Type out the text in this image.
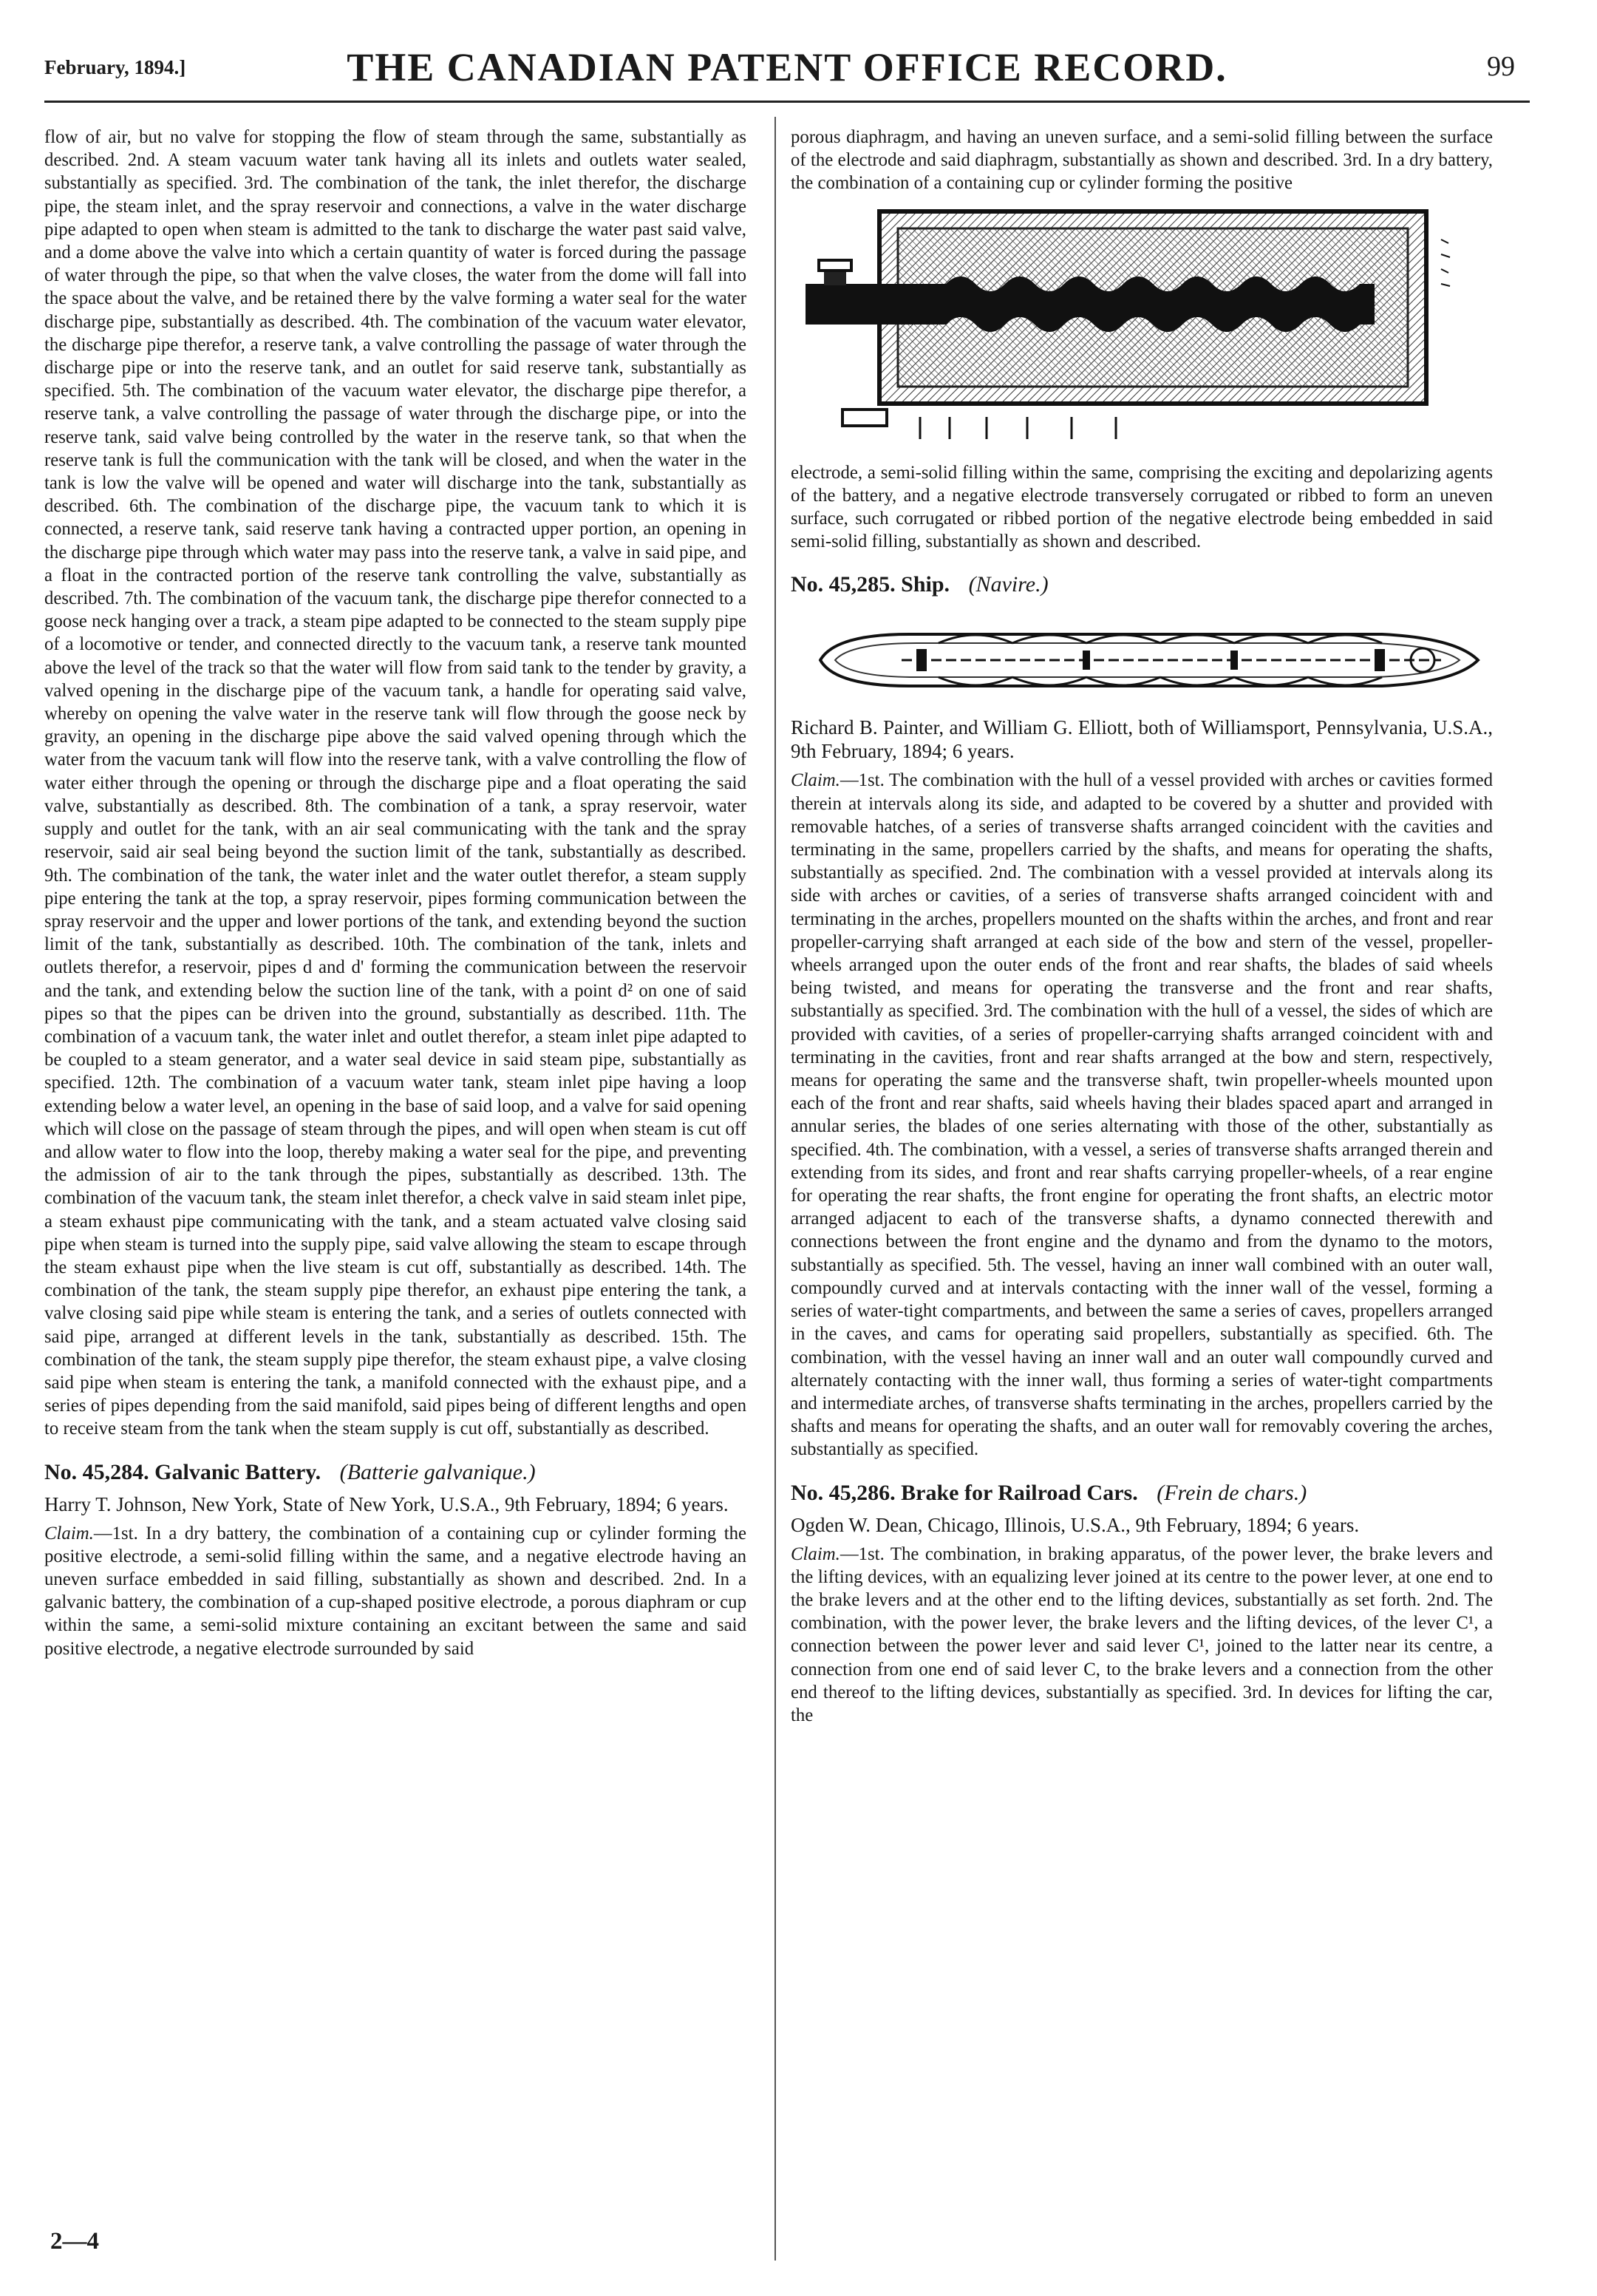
February, 1894.]	THE CANADIAN PATENT OFFICE RECORD.	99

flow of air, but no valve for stopping the flow of steam through the same, substantially as described. 2nd. A steam vacuum water tank having all its inlets and outlets water sealed, substantially as specified. 3rd. The combination of the tank, the inlet therefor, the discharge pipe, the steam inlet, and the spray reservoir and connections, a valve in the water discharge pipe adapted to open when steam is admitted to the tank to discharge the water past said valve, and a dome above the valve into which a certain quantity of water is forced during the passage of water through the pipe, so that when the valve closes, the water from the dome will fall into the space about the valve, and be retained there by the valve forming a water seal for the water discharge pipe, substantially as described. 4th. The combination of the vacuum water elevator, the discharge pipe therefor, a reserve tank, a valve controlling the passage of water through the discharge pipe or into the reserve tank, and an outlet for said reserve tank, substantially as specified. 5th. The combination of the vacuum water elevator, the discharge pipe therefor, a reserve tank, a valve controlling the passage of water through the discharge pipe, or into the reserve tank, said valve being controlled by the water in the reserve tank, so that when the reserve tank is full the communication with the tank will be closed, and when the water in the tank is low the valve will be opened and water will discharge into the tank, substantially as described. 6th. The combination of the discharge pipe, the vacuum tank to which it is connected, a reserve tank, said reserve tank having a contracted upper portion, an opening in the discharge pipe through which water may pass into the reserve tank, a valve in said pipe, and a float in the contracted portion of the reserve tank controlling the valve, substantially as described. 7th. The combination of the vacuum tank, the discharge pipe therefor connected to a goose neck hanging over a track, a steam pipe adapted to be connected to the steam supply pipe of a locomotive or tender, and connected directly to the vacuum tank, a reserve tank mounted above the level of the track so that the water will flow from said tank to the tender by gravity, a valved opening in the discharge pipe of the vacuum tank, a handle for operating said valve, whereby on opening the valve water in the reserve tank will flow through the goose neck by gravity, an opening in the discharge pipe above the said valved opening through which the water from the vacuum tank will flow into the reserve tank, with a valve controlling the flow of water either through the opening or through the discharge pipe and a float operating the said valve, substantially as described. 8th. The combination of a tank, a spray reservoir, water supply and outlet for the tank, with an air seal communicating with the tank and the spray reservoir, said air seal being beyond the suction limit of the tank, substantially as described. 9th. The combination of the tank, the water inlet and the water outlet therefor, a steam supply pipe entering the tank at the top, a spray reservoir, pipes forming communication between the spray reservoir and the upper and lower portions of the tank, and extending beyond the suction limit of the tank, substantially as described. 10th. The combination of the tank, inlets and outlets therefor, a reservoir, pipes d and d' forming the communication between the reservoir and the tank, and extending below the suction line of the tank, with a point d² on one of said pipes so that the pipes can be driven into the ground, substantially as described. 11th. The combination of a vacuum tank, the water inlet and outlet therefor, a steam inlet pipe adapted to be coupled to a steam generator, and a water seal device in said steam pipe, substantially as specified. 12th. The combination of a vacuum water tank, steam inlet pipe having a loop extending below a water level, an opening in the base of said loop, and a valve for said opening which will close on the passage of steam through the pipes, and will open when steam is cut off and allow water to flow into the loop, thereby making a water seal for the pipe, and preventing the admission of air to the tank through the pipes, substantially as described. 13th. The combination of the vacuum tank, the steam inlet therefor, a check valve in said steam inlet pipe, a steam exhaust pipe communicating with the tank, and a steam actuated valve closing said pipe when steam is turned into the supply pipe, said valve allowing the steam to escape through the steam exhaust pipe when the live steam is cut off, substantially as described. 14th. The combination of the tank, the steam supply pipe therefor, an exhaust pipe entering the tank, a valve closing said pipe while steam is entering the tank, and a series of outlets connected with said pipe, arranged at different levels in the tank, substantially as described. 15th. The combination of the tank, the steam supply pipe therefor, the steam exhaust pipe, a valve closing said pipe when steam is entering the tank, a manifold connected with the exhaust pipe, and a series of pipes depending from the said manifold, said pipes being of different lengths and open to receive steam from the tank when the steam supply is cut off, substantially as described.

No. 45,284. Galvanic Battery. (Batterie galvanique.)

Harry T. Johnson, New York, State of New York, U.S.A., 9th February, 1894; 6 years.

Claim.—1st. In a dry battery, the combination of a containing cup or cylinder forming the positive electrode, a semi-solid filling within the same, and a negative electrode having an uneven surface embedded in said filling, substantially as shown and described. 2nd. In a galvanic battery, the combination of a cup-shaped positive electrode, a porous diaphram or cup within the same, a semi-solid mixture containing an excitant between the same and said positive electrode, a negative electrode surrounded by said

2—4

porous diaphragm, and having an uneven surface, and a semi-solid filling between the surface of the electrode and said diaphragm, substantially as shown and described. 3rd. In a dry battery, the combination of a containing cup or cylinder forming the positive

electrode, a semi-solid filling within the same, comprising the exciting and depolarizing agents of the battery, and a negative electrode transversely corrugated or ribbed to form an uneven surface, such corrugated or ribbed portion of the negative electrode being embedded in said semi-solid filling, substantially as shown and described.

No. 45,285. Ship. (Navire.)

Richard B. Painter, and William G. Elliott, both of Williamsport, Pennsylvania, U.S.A., 9th February, 1894; 6 years.

Claim.—1st. The combination with the hull of a vessel provided with arches or cavities formed therein at intervals along its side, and adapted to be covered by a shutter and provided with removable hatches, of a series of transverse shafts arranged coincident with the cavities and terminating in the same, propellers carried by the shafts, and means for operating the shafts, substantially as specified. 2nd. The combination with a vessel provided at intervals along its side with arches or cavities, of a series of transverse shafts arranged coincident with and terminating in the arches, propellers mounted on the shafts within the arches, and front and rear propeller-carrying shaft arranged at each side of the bow and stern of the vessel, propeller-wheels arranged upon the outer ends of the front and rear shafts, the blades of said wheels being twisted, and means for operating the transverse and the front and rear shafts, substantially as specified. 3rd. The combination with the hull of a vessel, the sides of which are provided with cavities, of a series of propeller-carrying shafts arranged coincident with and terminating in the cavities, front and rear shafts arranged at the bow and stern, respectively, means for operating the same and the transverse shaft, twin propeller-wheels mounted upon each of the front and rear shafts, said wheels having their blades spaced apart and arranged in annular series, the blades of one series alternating with those of the other, substantially as specified. 4th. The combination, with a vessel, a series of transverse shafts arranged therein and extending from its sides, and front and rear shafts carrying propeller-wheels, of a rear engine for operating the rear shafts, the front engine for operating the front shafts, an electric motor arranged adjacent to each of the transverse shafts, a dynamo connected therewith and connections between the front engine and the dynamo and from the dynamo to the motors, substantially as specified. 5th. The vessel, having an inner wall combined with an outer wall, compoundly curved and at intervals contacting with the inner wall of the vessel, forming a series of water-tight compartments, and between the same a series of caves, propellers arranged in the caves, and cams for operating said propellers, substantially as specified. 6th. The combination, with the vessel having an inner wall and an outer wall compoundly curved and alternately contacting with the inner wall, thus forming a series of water-tight compartments and intermediate arches, of transverse shafts terminating in the arches, propellers carried by the shafts and means for operating the shafts, and an outer wall for removably covering the arches, substantially as specified.

No. 45,286. Brake for Railroad Cars. (Frein de chars.)

Ogden W. Dean, Chicago, Illinois, U.S.A., 9th February, 1894; 6 years.

Claim.—1st. The combination, in braking apparatus, of the power lever, the brake levers and the lifting devices, with an equalizing lever joined at its centre to the power lever, at one end to the brake levers and at the other end to the lifting devices, substantially as set forth. 2nd. The combination, with the power lever, the brake levers and the lifting devices, of the lever C¹, a connection between the power lever and said lever C¹, joined to the latter near its centre, a connection from one end of said lever C, to the brake levers and a connection from the other end thereof to the lifting devices, substantially as specified. 3rd. In devices for lifting the car, the
